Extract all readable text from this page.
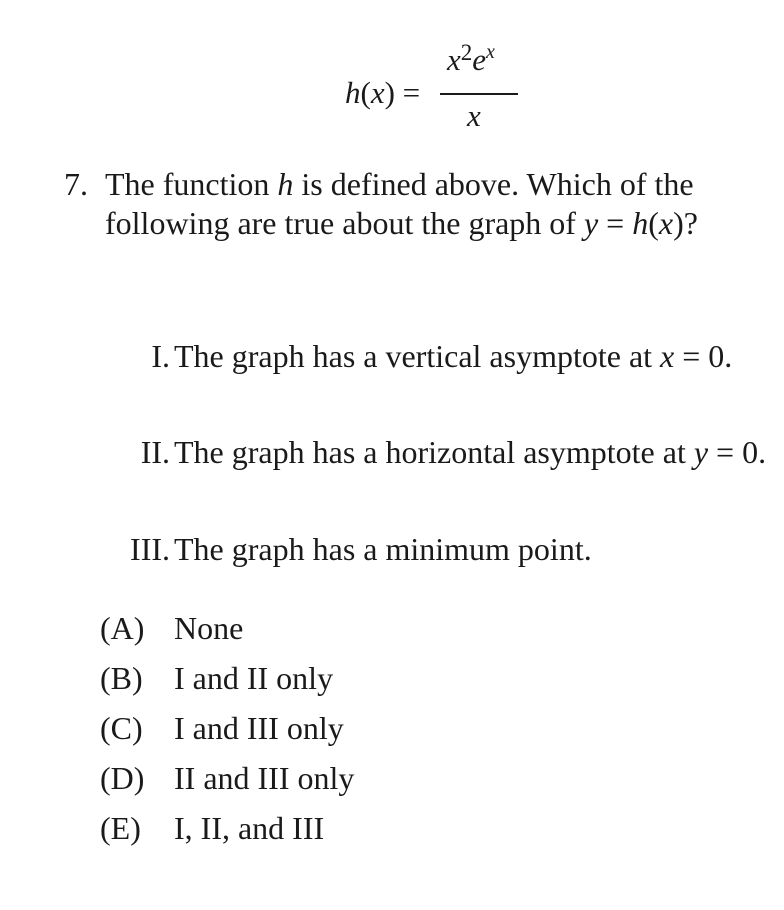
h(x) =
$x^2e^x$
x
7. The function h is defined above. Which of the following are true about the graph of y = h(x)?
I. The graph has a vertical asymptote at x = 0.
II. The graph has a horizontal asymptote at y = 0.
III. The graph has a minimum point.
(A) None
(B) I and II only
(C) I and III only
(D) II and III only
(E) I, II, and III
